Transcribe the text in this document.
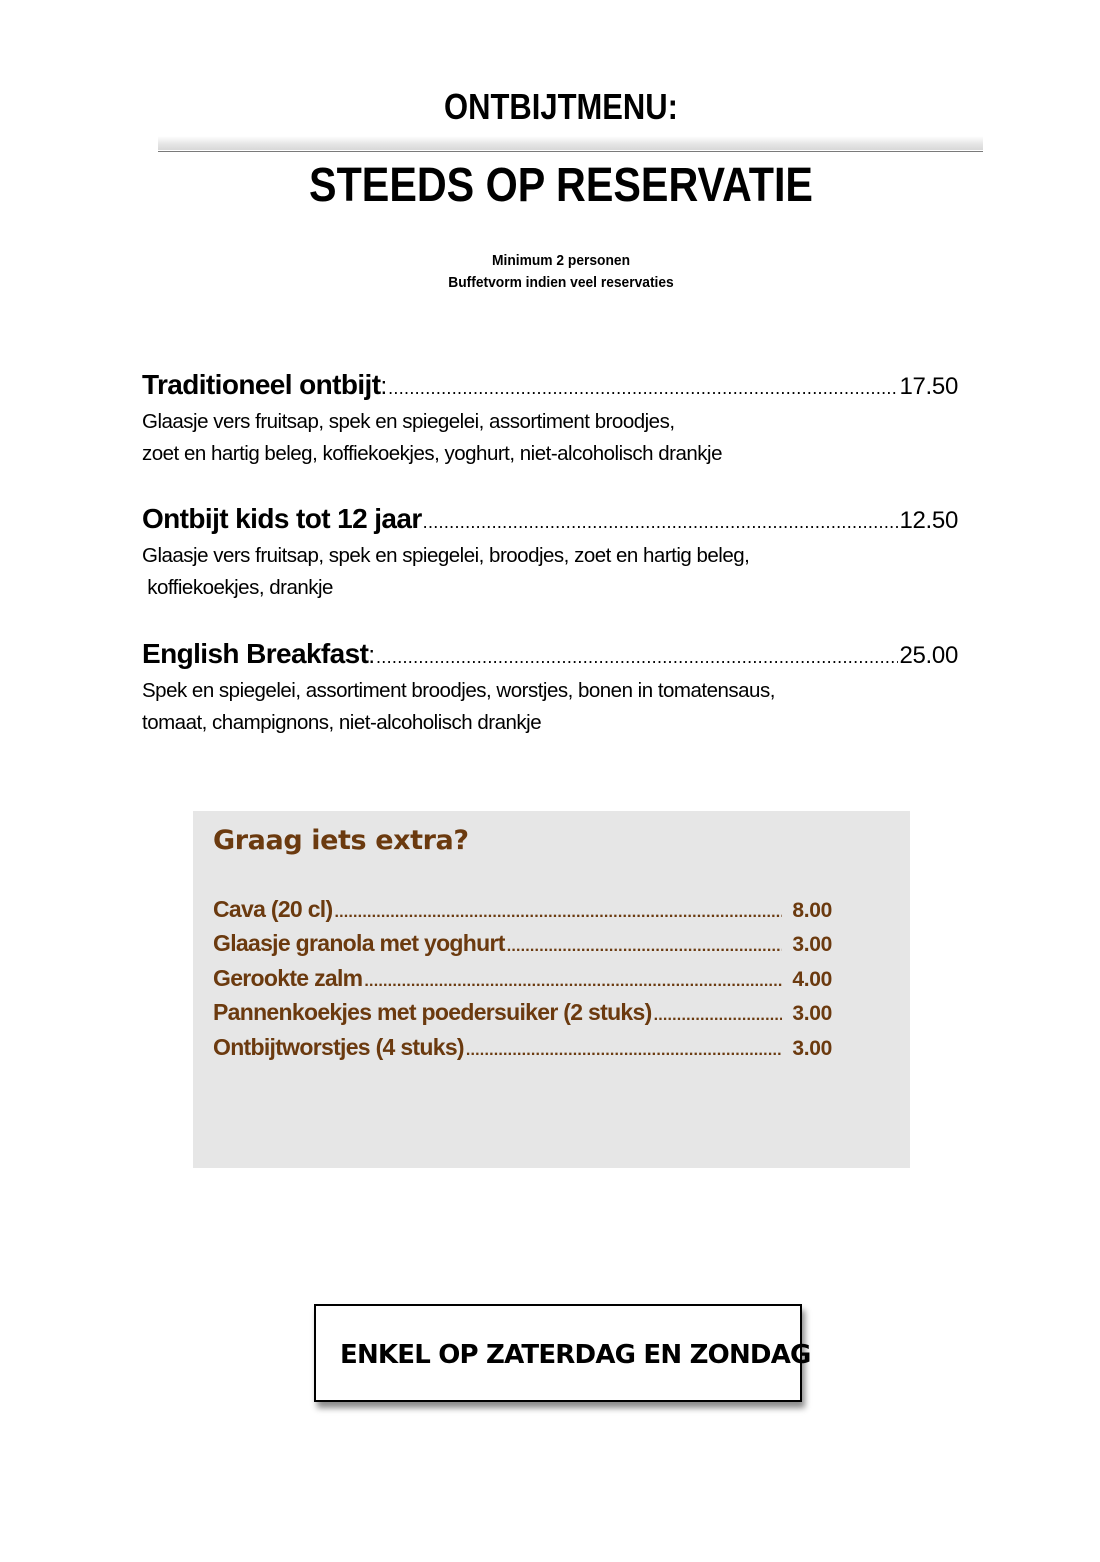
ONTBIJTMENU:
STEEDS OP RESERVATIE
Minimum 2 personen
Buffetvorm indien veel reservaties
Traditioneel ontbijt : .....	17.50
Glaasje vers fruitsap, spek en spiegelei, assortiment broodjes,
zoet en hartig beleg, koffiekoekjes, yoghurt, niet-alcoholisch drankje
Ontbijt kids tot 12 jaar .....	12.50
Glaasje vers fruitsap, spek en spiegelei, broodjes, zoet en hartig beleg,
koffiekoekjes, drankje
English Breakfast : .....	25.00
Spek en spiegelei, assortiment broodjes, worstjes, bonen in tomatensaus,
tomaat, champignons, niet-alcoholisch drankje
Graag iets extra?
Cava (20 cl) .....	8.00
Glaasje granola met yoghurt .....	3.00
Gerookte zalm .....	4.00
Pannenkoekjes met poedersuiker (2 stuks) .....	3.00
Ontbijtworstjes (4 stuks) .....	3.00
ENKEL OP ZATERDAG EN ZONDAG
